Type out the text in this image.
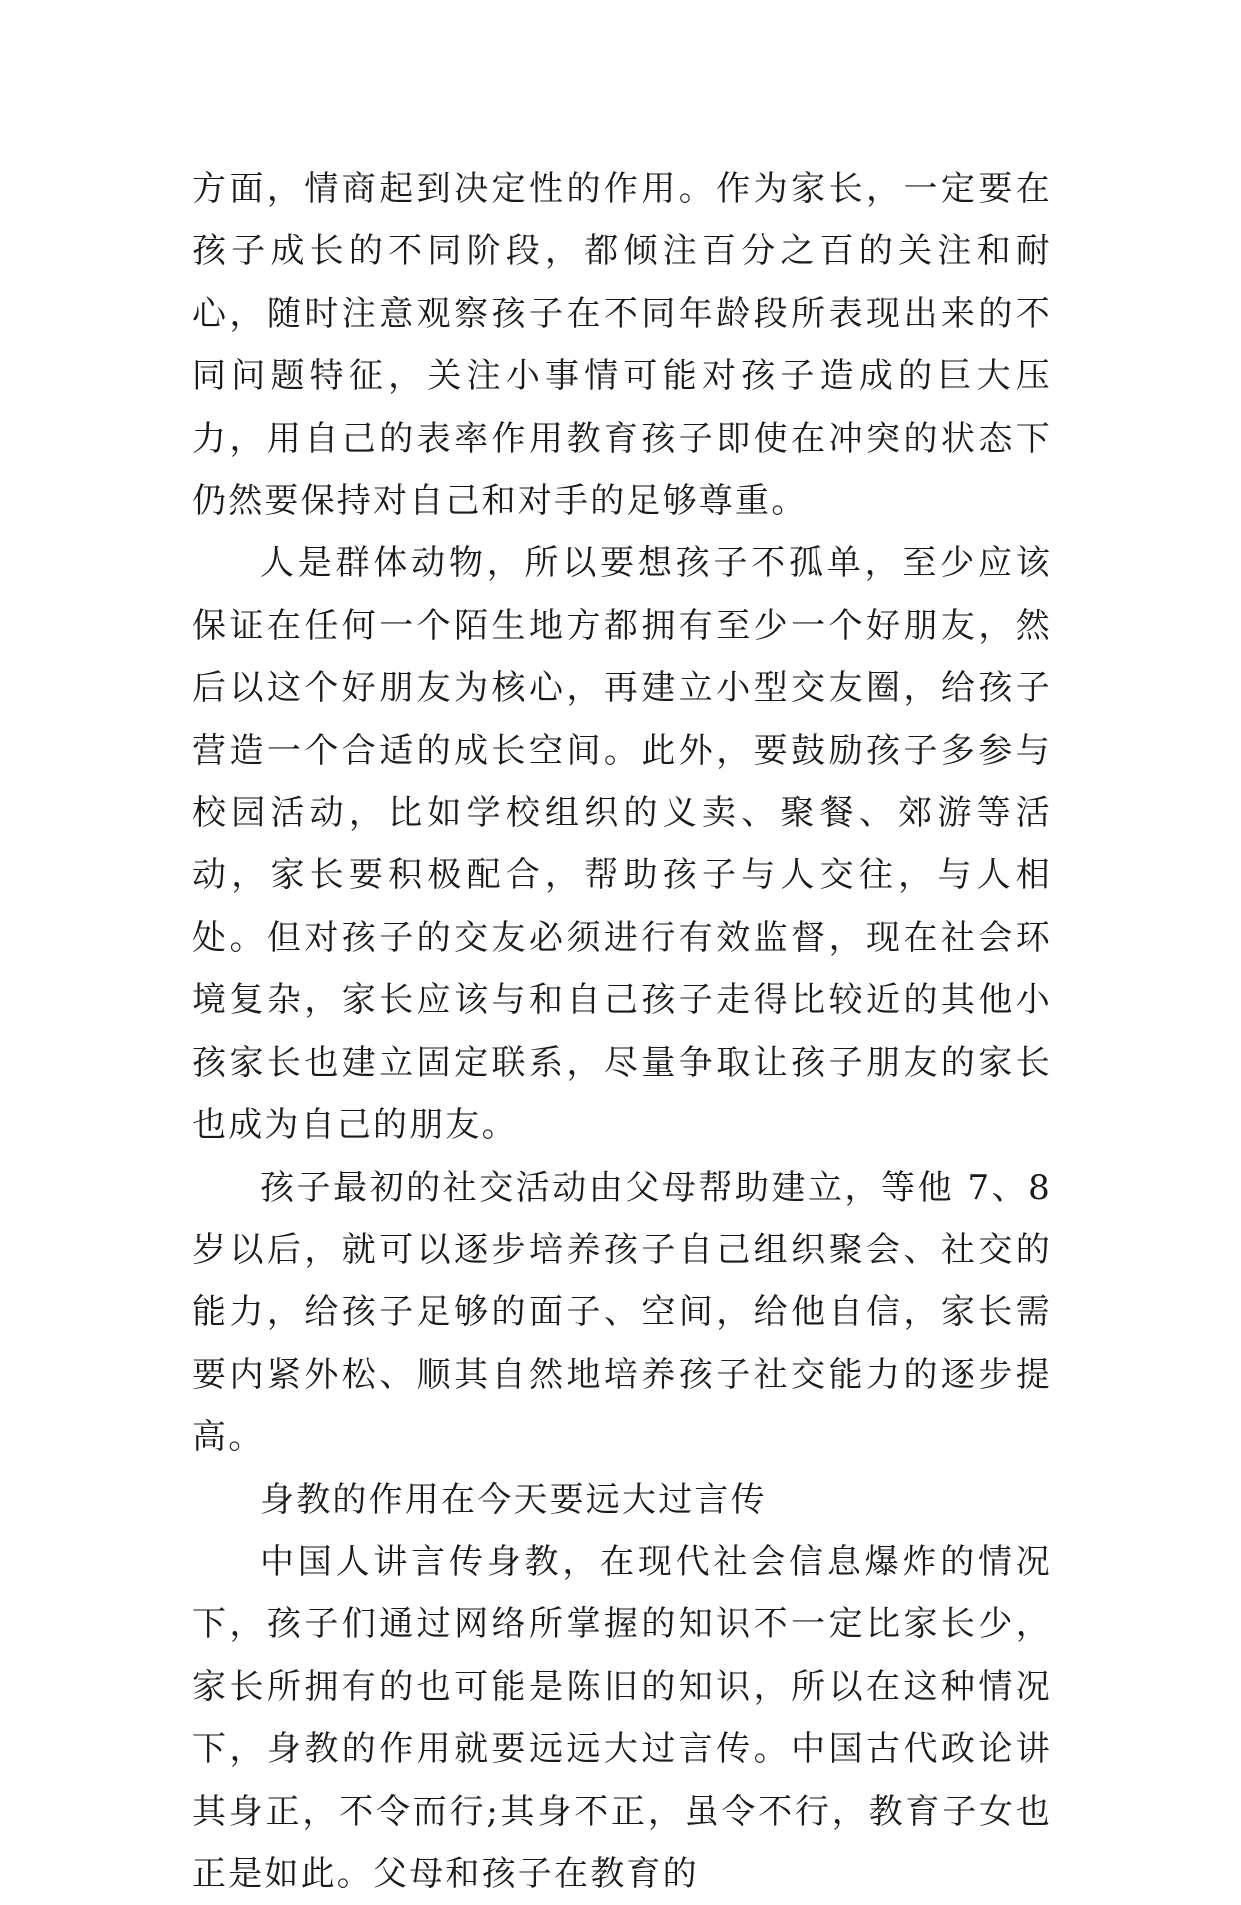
方面，情商起到决定性的作用。作为家长，一定要在孩子成长的不同阶段，都倾注百分之百的关注和耐心，随时注意观察孩子在不同年龄段所表现出来的不同问题特征，关注小事情可能对孩子造成的巨大压力，用自己的表率作用教育孩子即使在冲突的状态下仍然要保持对自己和对手的足够尊重。

人是群体动物，所以要想孩子不孤单，至少应该保证在任何一个陌生地方都拥有至少一个好朋友，然后以这个好朋友为核心，再建立小型交友圈，给孩子营造一个合适的成长空间。此外，要鼓励孩子多参与校园活动，比如学校组织的义卖、聚餐、郊游等活动，家长要积极配合，帮助孩子与人交往，与人相处。但对孩子的交友必须进行有效监督，现在社会环境复杂，家长应该与和自己孩子走得比较近的其他小孩家长也建立固定联系，尽量争取让孩子朋友的家长也成为自己的朋友。

孩子最初的社交活动由父母帮助建立，等他 7、8 岁以后，就可以逐步培养孩子自己组织聚会、社交的能力，给孩子足够的面子、空间，给他自信，家长需要内紧外松、顺其自然地培养孩子社交能力的逐步提高。

身教的作用在今天要远大过言传

中国人讲言传身教，在现代社会信息爆炸的情况下，孩子们通过网络所掌握的知识不一定比家长少，家长所拥有的也可能是陈旧的知识，所以在这种情况下，身教的作用就要远远大过言传。中国古代政论讲其身正，不令而行;其身不正，虽令不行，教育子女也正是如此。父母和孩子在教育的
